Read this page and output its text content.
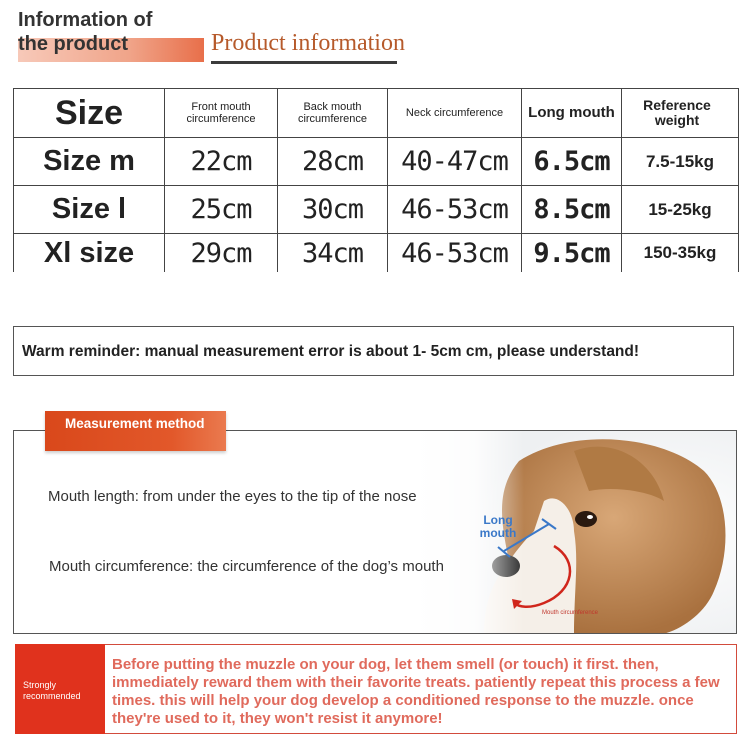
Information of
the product	Product information
Size	Front mouth circumference	Back mouth circumference	Neck circumference	Long mouth	Reference weight
Size m	22cm	28cm	40-47cm	6.5cm	7.5-15kg
Size l	25cm	30cm	46-53cm	8.5cm	15-25kg
Xl size	29cm	34cm	46-53cm	9.5cm	150-35kg
Warm reminder: manual measurement error is about 1- 5cm cm, please understand!
Measurement method
Mouth length: from under the eyes to the tip of the nose
Mouth circumference: the circumference of the dog’s mouth
Long mouth
Mouth circumference
Strongly recommended
Before putting the muzzle on your dog, let them smell (or touch) it first. then, immediately reward them with their favorite treats. patiently repeat this process a few times. this will help your dog develop a conditioned response to the muzzle. once they're used to it, they won't resist it anymore!
